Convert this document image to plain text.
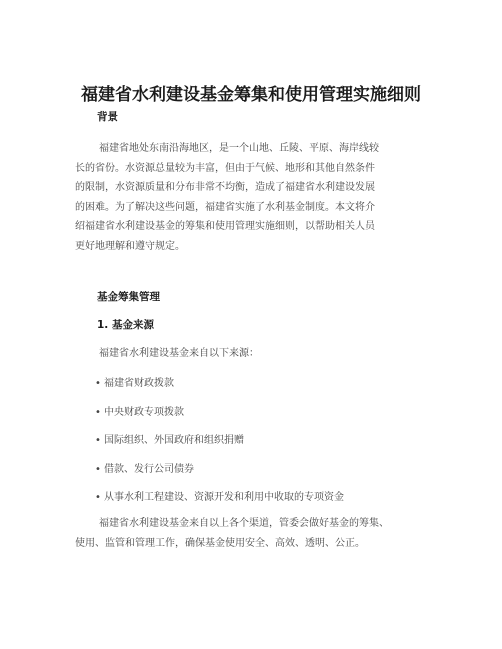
福建省水利建设基金筹集和使用管理实施细则
背景
福建省地处东南沿海地区，是一个山地、丘陵、平原、海岸线较
长的省份。水资源总量较为丰富，但由于气候、地形和其他自然条件
的限制，水资源质量和分布非常不均衡，造成了福建省水利建设发展
的困难。为了解决这些问题，福建省实施了水利基金制度。本文将介
绍福建省水利建设基金的筹集和使用管理实施细则，以帮助相关人员
更好地理解和遵守规定。
基金筹集管理
1. 基金来源
福建省水利建设基金来自以下来源：
• 福建省财政拨款
• 中央财政专项拨款
• 国际组织、外国政府和组织捐赠
• 借款、发行公司债券
• 从事水利工程建设、资源开发和利用中收取的专项资金
福建省水利建设基金来自以上各个渠道，管委会做好基金的筹集、
使用、监管和管理工作，确保基金使用安全、高效、透明、公正。
